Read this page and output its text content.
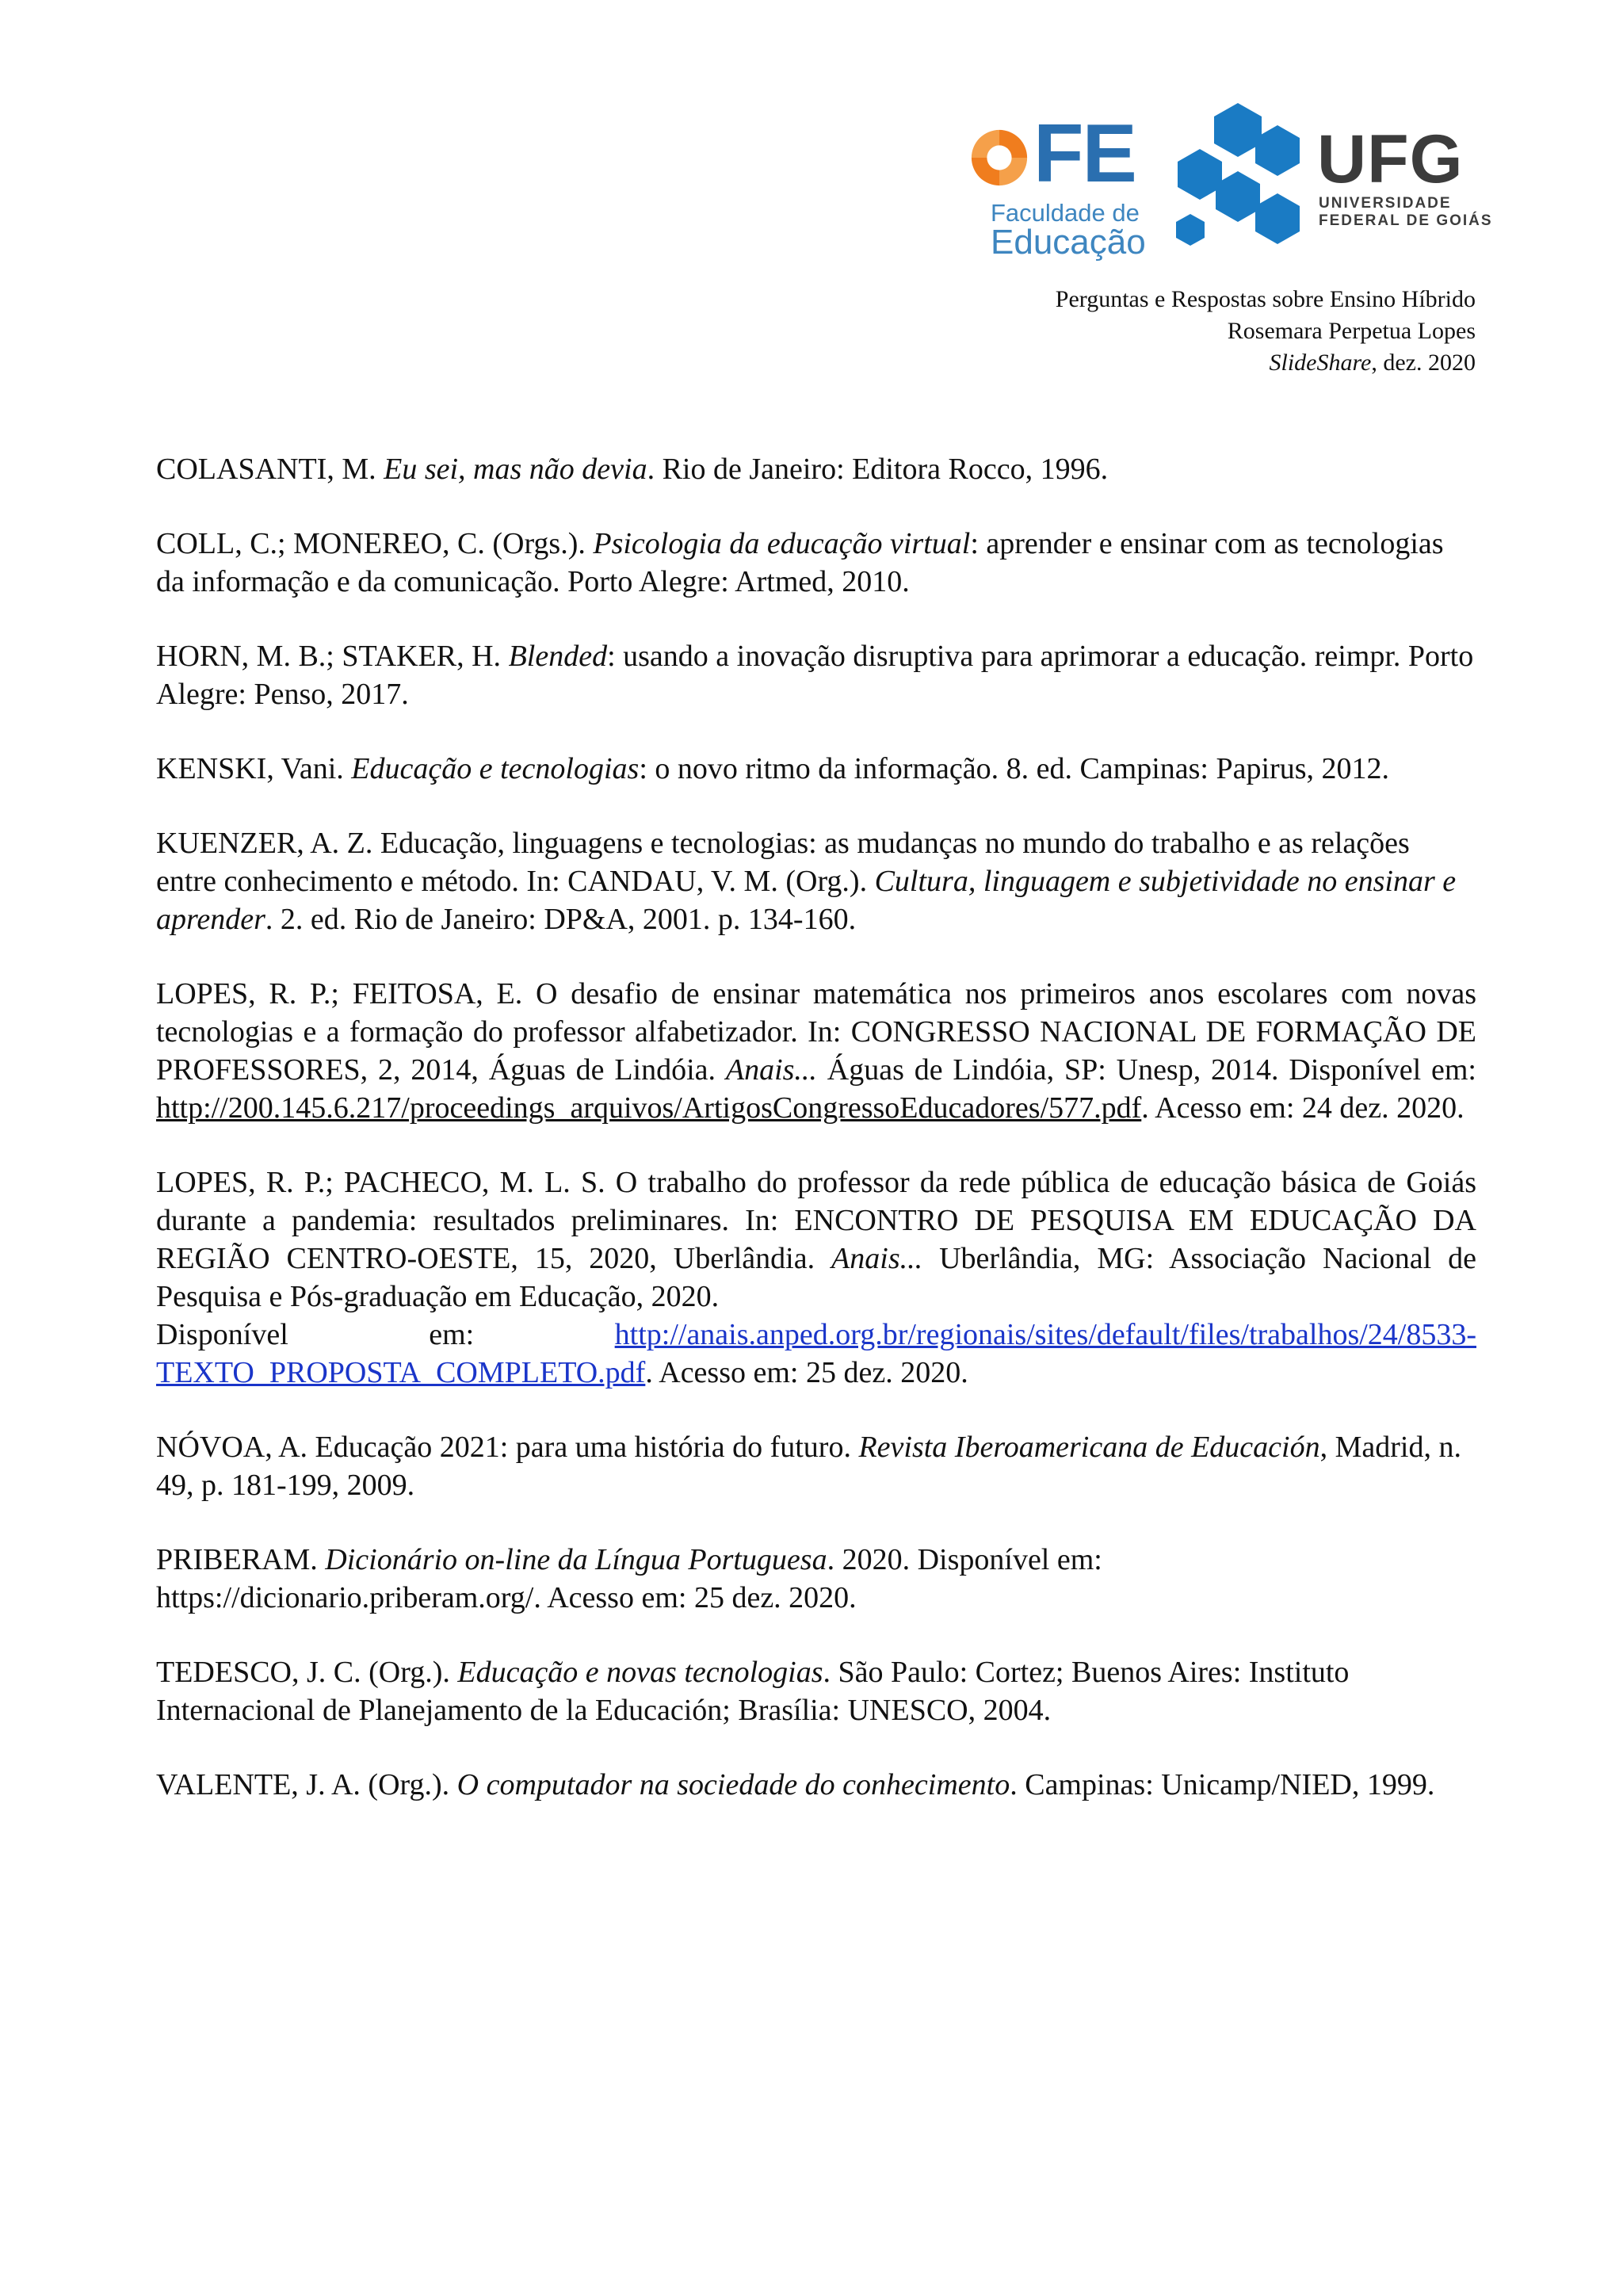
FE
Faculdade de
Educação
UFG
UNIVERSIDADE
FEDERAL DE GOIÁS
Perguntas e Respostas sobre Ensino Híbrido
Rosemara Perpetua Lopes
SlideShare, dez. 2020

COLASANTI, M. Eu sei, mas não devia. Rio de Janeiro: Editora Rocco, 1996.

COLL, C.; MONEREO, C. (Orgs.). Psicologia da educação virtual: aprender e ensinar com as tecnologias da informação e da comunicação. Porto Alegre: Artmed, 2010.

HORN, M. B.; STAKER, H. Blended: usando a inovação disruptiva para aprimorar a educação. reimpr. Porto Alegre: Penso, 2017.

KENSKI, Vani. Educação e tecnologias: o novo ritmo da informação. 8. ed. Campinas: Papirus, 2012.

KUENZER, A. Z. Educação, linguagens e tecnologias: as mudanças no mundo do trabalho e as relações entre conhecimento e método. In: CANDAU, V. M. (Org.). Cultura, linguagem e subjetividade no ensinar e aprender. 2. ed. Rio de Janeiro: DP&A, 2001. p. 134-160.

LOPES, R. P.; FEITOSA, E. O desafio de ensinar matemática nos primeiros anos escolares com novas tecnologias e a formação do professor alfabetizador. In: CONGRESSO NACIONAL DE FORMAÇÃO DE PROFESSORES, 2, 2014, Águas de Lindóia. Anais... Águas de Lindóia, SP: Unesp, 2014. Disponível em: http://200.145.6.217/proceedings_arquivos/ArtigosCongressoEducadores/577.pdf. Acesso em: 24 dez. 2020.

LOPES, R. P.; PACHECO, M. L. S. O trabalho do professor da rede pública de educação básica de Goiás durante a pandemia: resultados preliminares. In: ENCONTRO DE PESQUISA EM EDUCAÇÃO DA REGIÃO CENTRO-OESTE, 15, 2020, Uberlândia. Anais... Uberlândia, MG: Associação Nacional de Pesquisa e Pós-graduação em Educação, 2020.
Disponível em: http://anais.anped.org.br/regionais/sites/default/files/trabalhos/24/8533-TEXTO_PROPOSTA_COMPLETO.pdf. Acesso em: 25 dez. 2020.

NÓVOA, A. Educação 2021: para uma história do futuro. Revista Iberoamericana de Educación, Madrid, n. 49, p. 181-199, 2009.

PRIBERAM. Dicionário on-line da Língua Portuguesa. 2020. Disponível em: https://dicionario.priberam.org/. Acesso em: 25 dez. 2020.

TEDESCO, J. C. (Org.). Educação e novas tecnologias. São Paulo: Cortez; Buenos Aires: Instituto Internacional de Planejamento de la Educación; Brasília: UNESCO, 2004.

VALENTE, J. A. (Org.). O computador na sociedade do conhecimento. Campinas: Unicamp/NIED, 1999.
